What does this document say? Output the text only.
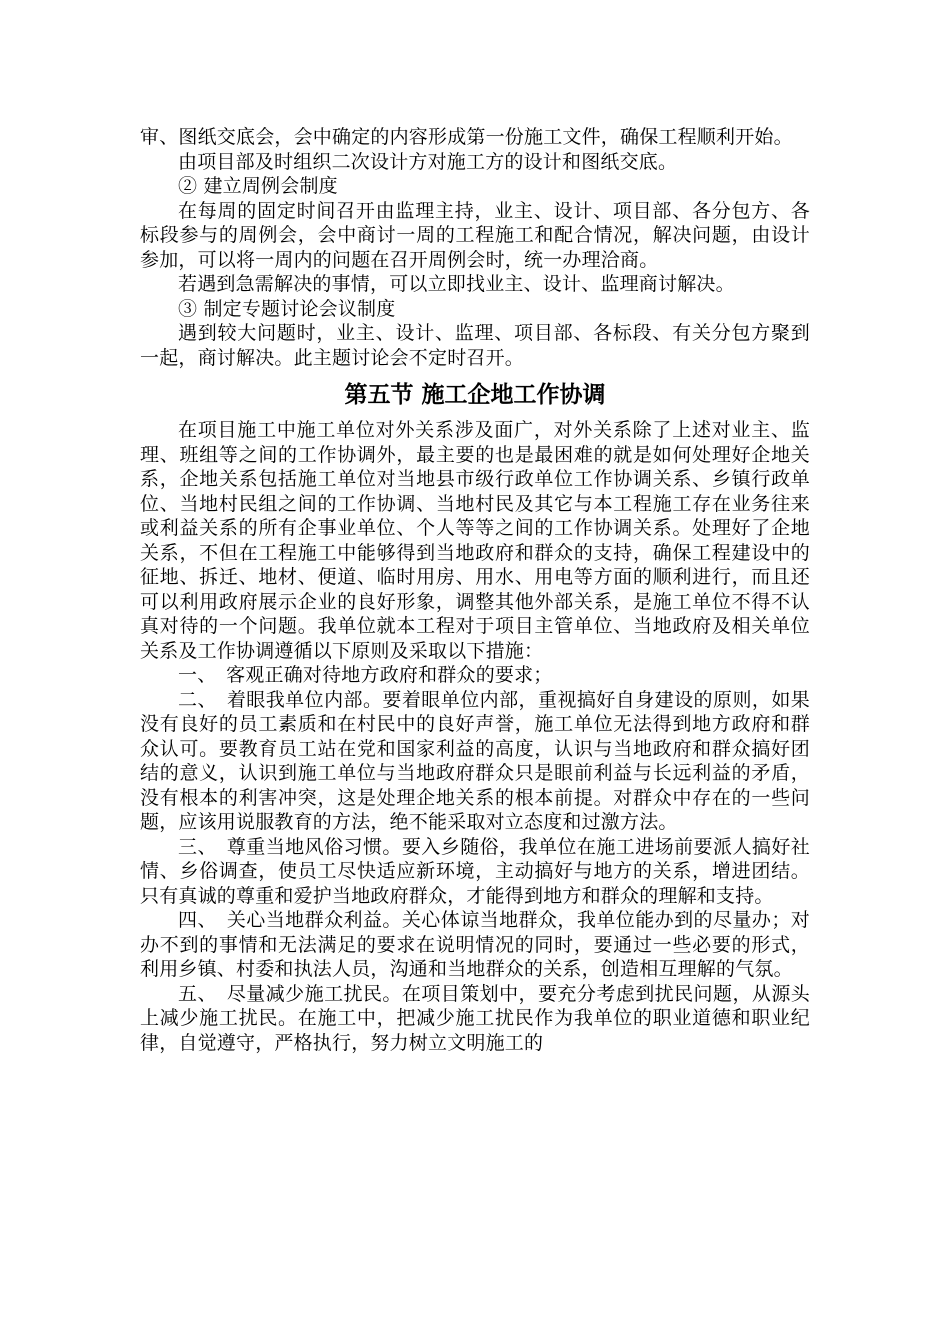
审、图纸交底会，会中确定的内容形成第一份施工文件，确保工程顺利开始。

由项目部及时组织二次设计方对施工方的设计和图纸交底。

② 建立周例会制度

在每周的固定时间召开由监理主持，业主、设计、项目部、各分包方、各标段参与的周例会，会中商讨一周的工程施工和配合情况，解决问题，由设计参加，可以将一周内的问题在召开周例会时，统一办理洽商。

若遇到急需解决的事情，可以立即找业主、设计、监理商讨解决。

③ 制定专题讨论会议制度

遇到较大问题时，业主、设计、监理、项目部、各标段、有关分包方聚到一起，商讨解决。此主题讨论会不定时召开。

第五节 施工企地工作协调

在项目施工中施工单位对外关系涉及面广，对外关系除了上述对业主、监理、班组等之间的工作协调外，最主要的也是最困难的就是如何处理好企地关系，企地关系包括施工单位对当地县市级行政单位工作协调关系、乡镇行政单位、当地村民组之间的工作协调、当地村民及其它与本工程施工存在业务往来或利益关系的所有企事业单位、个人等等之间的工作协调关系。处理好了企地关系，不但在工程施工中能够得到当地政府和群众的支持，确保工程建设中的征地、拆迁、地材、便道、临时用房、用水、用电等方面的顺利进行，而且还可以利用政府展示企业的良好形象，调整其他外部关系，是施工单位不得不认真对待的一个问题。我单位就本工程对于项目主管单位、当地政府及相关单位关系及工作协调遵循以下原则及采取以下措施：

一、　客观正确对待地方政府和群众的要求；

二、　着眼我单位内部。要着眼单位内部，重视搞好自身建设的原则，如果没有良好的员工素质和在村民中的良好声誉，施工单位无法得到地方政府和群众认可。要教育员工站在党和国家利益的高度，认识与当地政府和群众搞好团结的意义，认识到施工单位与当地政府群众只是眼前利益与长远利益的矛盾，没有根本的利害冲突，这是处理企地关系的根本前提。对群众中存在的一些问题，应该用说服教育的方法，绝不能采取对立态度和过激方法。

三、　尊重当地风俗习惯。要入乡随俗，我单位在施工进场前要派人搞好社情、乡俗调查，使员工尽快适应新环境，主动搞好与地方的关系，增进团结。只有真诚的尊重和爱护当地政府群众，才能得到地方和群众的理解和支持。

四、　关心当地群众利益。关心体谅当地群众，我单位能办到的尽量办；对办不到的事情和无法满足的要求在说明情况的同时，要通过一些必要的形式，利用乡镇、村委和执法人员，沟通和当地群众的关系，创造相互理解的气氛。

五、　尽量减少施工扰民。在项目策划中，要充分考虑到扰民问题，从源头上减少施工扰民。在施工中，把减少施工扰民作为我单位的职业道德和职业纪律，自觉遵守，严格执行，努力树立文明施工的
